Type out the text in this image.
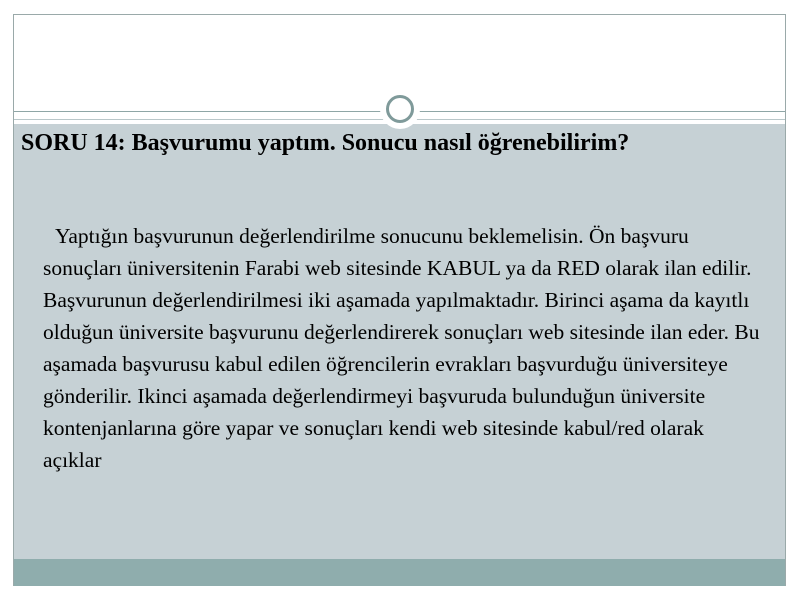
SORU 14: Başvurumu yaptım. Sonucu nasıl öğrenebilirim?

Yaptığın başvurunun değerlendirilme sonucunu beklemelisin. Ön başvuru sonuçları üniversitenin Farabi web sitesinde KABUL ya da RED olarak ilan edilir. Başvurunun değerlendirilmesi iki aşamada yapılmaktadır. Birinci aşama da kayıtlı olduğun üniversite başvurunu değerlendirerek sonuçları web sitesinde ilan eder. Bu aşamada başvurusu kabul edilen öğrencilerin evrakları başvurduğu üniversiteye gönderilir. Ikinci aşamada değerlendirmeyi başvuruda bulunduğun üniversite kontenjanlarına göre yapar ve sonuçları kendi web sitesinde kabul/red olarak açıklar
